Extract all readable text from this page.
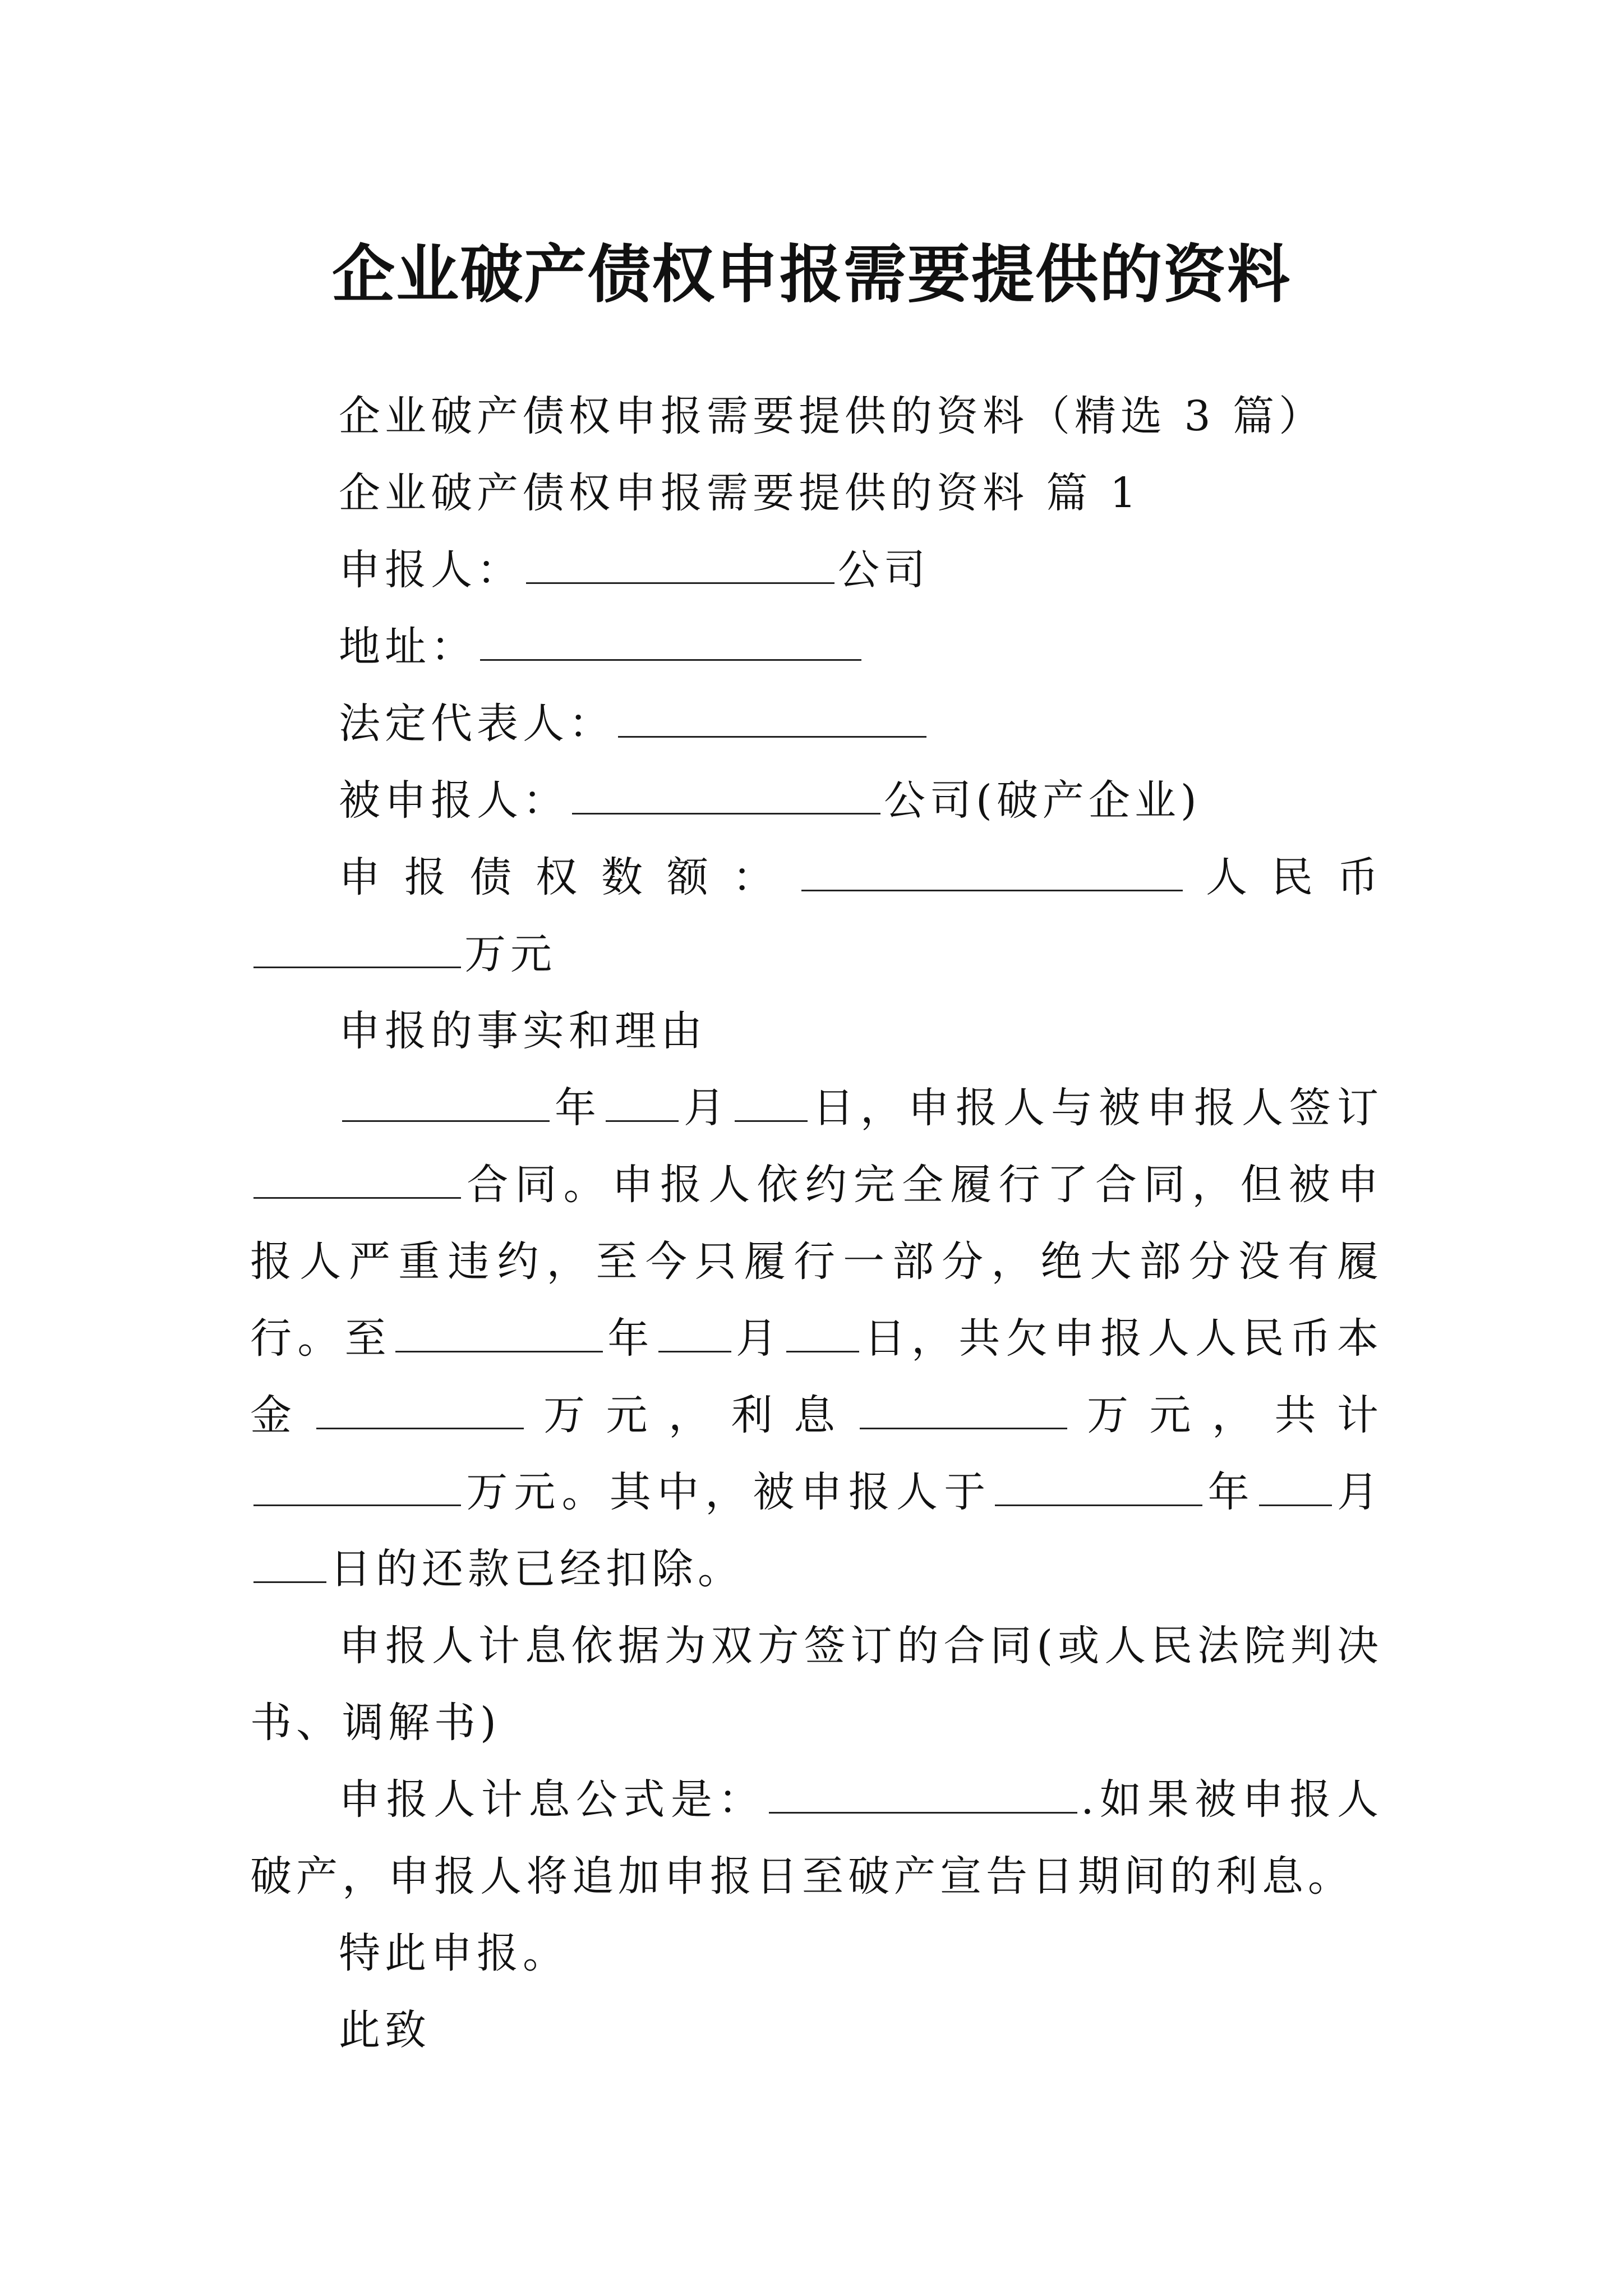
企业破产债权申报需要提供的资料

企业破产债权申报需要提供的资料（精选 3 篇）

企业破产债权申报需要提供的资料 篇 1

申报人：	公司

地址：

法定代表人：

被申报人：	公司(破产企业)

申报债权数额：	人民币万元

申报的事实和理由

年 月 日，申报人与被申报人签订合同。申报人依约完全履行了合同，但被申报人严重违约，至今只履行一部分，绝大部分没有履行。至	年 月 日，共欠申报人人民币本金	万元，利息	万元，共计万元。其中，被申报人于	年 月日的还款已经扣除。

申报人计息依据为双方签订的合同(或人民法院判决书、调解书)

申报人计息公式是：	.如果被申报人破产，申报人将追加申报日至破产宣告日期间的利息。

特此申报。

此致
